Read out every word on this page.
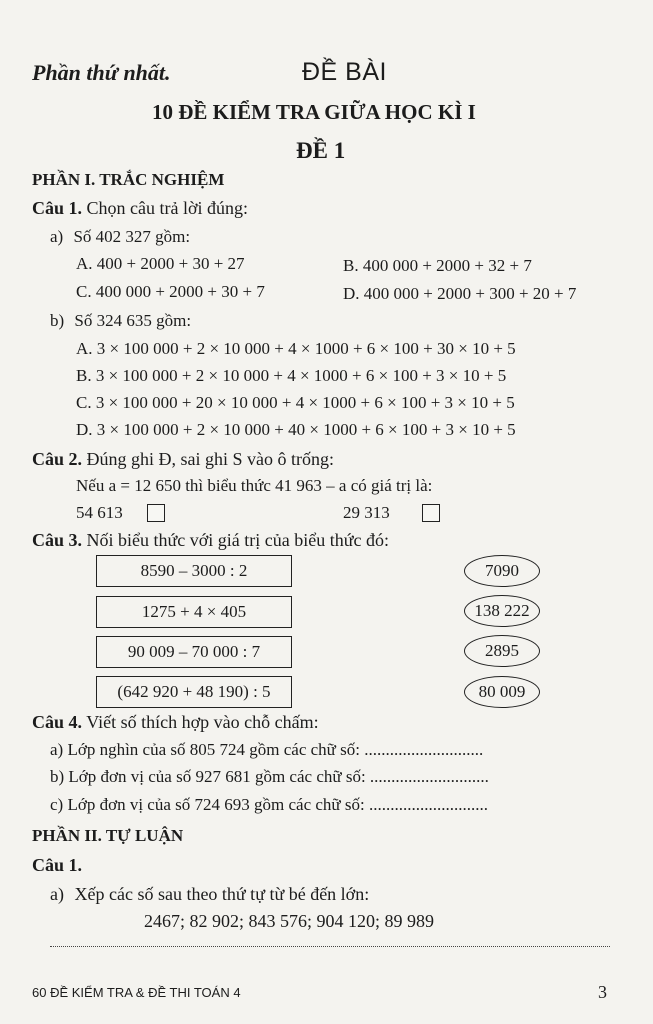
Phần thứ nhất.	ĐỀ BÀI
10 ĐỀ KIỂM TRA GIỮA HỌC KÌ I
ĐỀ 1
PHẦN I. TRẮC NGHIỆM
Câu 1. Chọn câu trả lời đúng:
a) Số 402 327 gồm:
A. 400 + 2000 + 30 + 27	B. 400 000 + 2000 + 32 + 7
C. 400 000 + 2000 + 30 + 7	D. 400 000 + 2000 + 300 + 20 + 7
b) Số 324 635 gồm:
A. 3 × 100 000 + 2 × 10 000 + 4 × 1000 + 6 × 100 + 30 × 10 + 5
B. 3 × 100 000 + 2 × 10 000 + 4 × 1000 + 6 × 100 + 3 × 10 + 5
C. 3 × 100 000 + 20 × 10 000 + 4 × 1000 + 6 × 100 + 3 × 10 + 5
D. 3 × 100 000 + 2 × 10 000 + 40 × 1000 + 6 × 100 + 3 × 10 + 5
Câu 2. Đúng ghi Đ, sai ghi S vào ô trống:
Nếu a = 12 650 thì biểu thức 41 963 – a có giá trị là:
54 613	29 313
Câu 3. Nối biểu thức với giá trị của biểu thức đó:
8590 – 3000 : 2
1275 + 4 × 405
90 009 – 70 000 : 7
(642 920 + 48 190) : 5
7090
138 222
2895
80 009
Câu 4. Viết số thích hợp vào chỗ chấm:
a) Lớp nghìn của số 805 724 gồm các chữ số: ............................
b) Lớp đơn vị của số 927 681 gồm các chữ số: ............................
c) Lớp đơn vị của số 724 693 gồm các chữ số: ............................
PHẦN II. TỰ LUẬN
Câu 1.
a) Xếp các số sau theo thứ tự từ bé đến lớn:
2467; 82 902; 843 576; 904 120; 89 989
60 ĐỀ KIỂM TRA & ĐỀ THI TOÁN 4	3
